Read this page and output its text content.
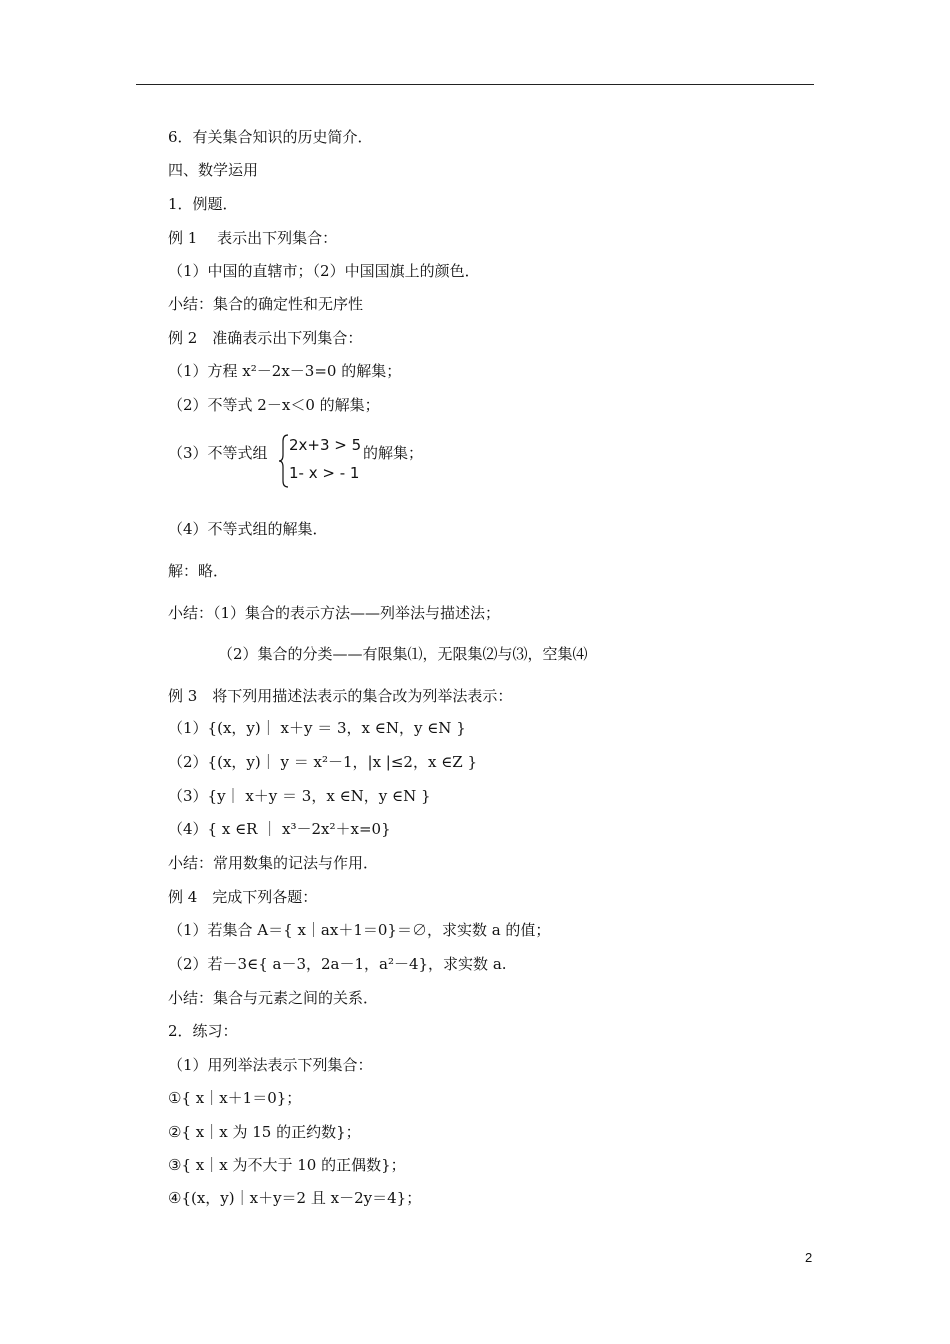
6．有关集合知识的历史简介．
四、数学运用
1．例题．
例 1　 表示出下列集合：
（1）中国的直辖市；（2）中国国旗上的颜色．
小结：集合的确定性和无序性
例 2　准确表示出下列集合：
（1）方程 x²－2x－3=0 的解集；
（2）不等式 2－x＜0 的解集；
（3）不等式组 2x+3 > 5
1- x > - 1
的解集；
（4）不等式组的解集．
解：略．
小结：（1）集合的表示方法——列举法与描述法；
（2）集合的分类——有限集⑴，无限集⑵与⑶，空集⑷
例 3　将下列用描述法表示的集合改为列举法表示：
（1）{(x，y)｜ x＋y ＝ 3，x ∈N，y ∈N }
（2）{(x，y)｜ y ＝ x²－1，|x |≤2，x ∈Z }
（3）{y｜ x＋y ＝ 3，x ∈N，y ∈N }
（4）{ x ∈R ｜ x³－2x²＋x=0}
小结：常用数集的记法与作用．
例 4　完成下列各题：
（1）若集合 A＝{ x｜ax＋1＝0}＝∅，求实数 a 的值；
（2）若－3∈{ a－3，2a－1，a²－4}，求实数 a.
小结：集合与元素之间的关系．
2．练习：
（1）用列举法表示下列集合：
①{ x｜x＋1＝0}；
②{ x｜x 为 15 的正约数}；
③{ x｜x 为不大于 10 的正偶数}；
④{(x，y)｜x＋y＝2 且 x－2y＝4}；
2
